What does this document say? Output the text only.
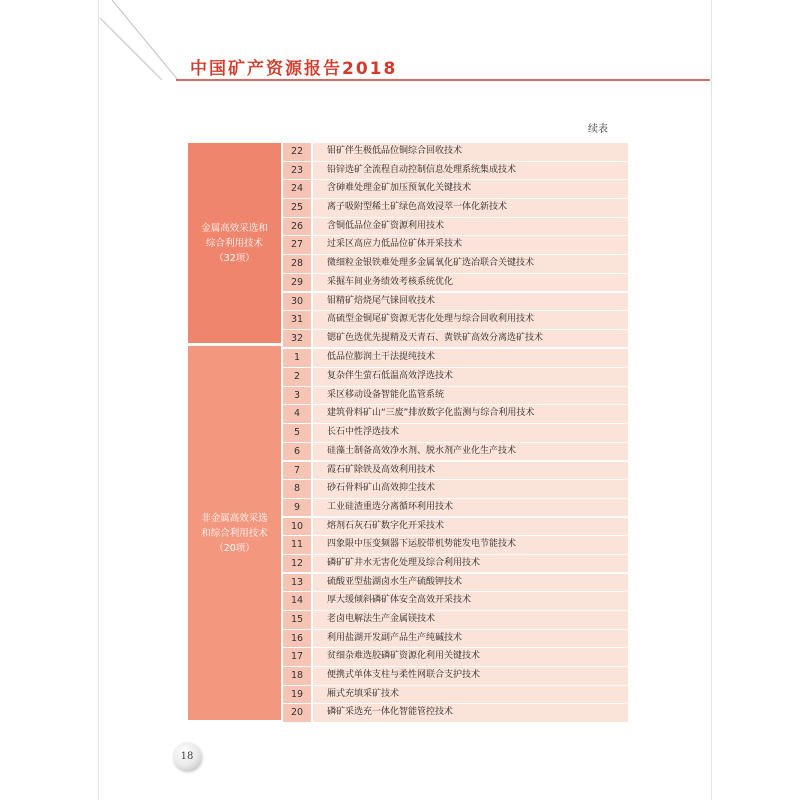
中国矿产资源报告2018
续表
金属高效采选和
综合利用技术
（32项）
非金属高效采选
和综合利用技术
（20项）
22	钼矿伴生极低品位铜综合回收技术
23	铅锌选矿全流程自动控制信息处理系统集成技术
24	含砷难处理金矿加压预氧化关键技术
25	离子吸附型稀土矿绿色高效浸萃一体化新技术
26	含铜低品位金矿资源利用技术
27	过采区高应力低品位矿体开采技术
28	微细粒金银铁难处理多金属氧化矿选冶联合关键技术
29	采掘车间业务绩效考核系统优化
30	钼精矿焙烧尾气铼回收技术
31	高硫型金铜尾矿资源无害化处理与综合回收利用技术
32	锶矿色选优先提精及天青石、黄铁矿高效分离选矿技术
1	低品位膨润土干法提纯技术
2	复杂伴生萤石低温高效浮选技术
3	采区移动设备智能化监管系统
4	建筑骨料矿山“三废”排放数字化监测与综合利用技术
5	长石中性浮选技术
6	硅藻土制备高效净水剂、脱水剂产业化生产技术
7	霞石矿除铁及高效利用技术
8	砂石骨料矿山高效抑尘技术
9	工业硅渣重选分离循环利用技术
10	熔剂石灰石矿数字化开采技术
11	四象限中压变频器下运胶带机势能发电节能技术
12	磷矿矿井水无害化处理及综合利用技术
13	硫酸亚型盐湖卤水生产硫酸钾技术
14	厚大缓倾斜磷矿体安全高效开采技术
15	老卤电解法生产金属镁技术
16	利用盐湖开发副产品生产纯碱技术
17	贫细杂难选胶磷矿资源化利用关键技术
18	便携式单体支柱与柔性网联合支护技术
19	厢式充填采矿技术
20	磷矿采选充一体化智能管控技术
18
